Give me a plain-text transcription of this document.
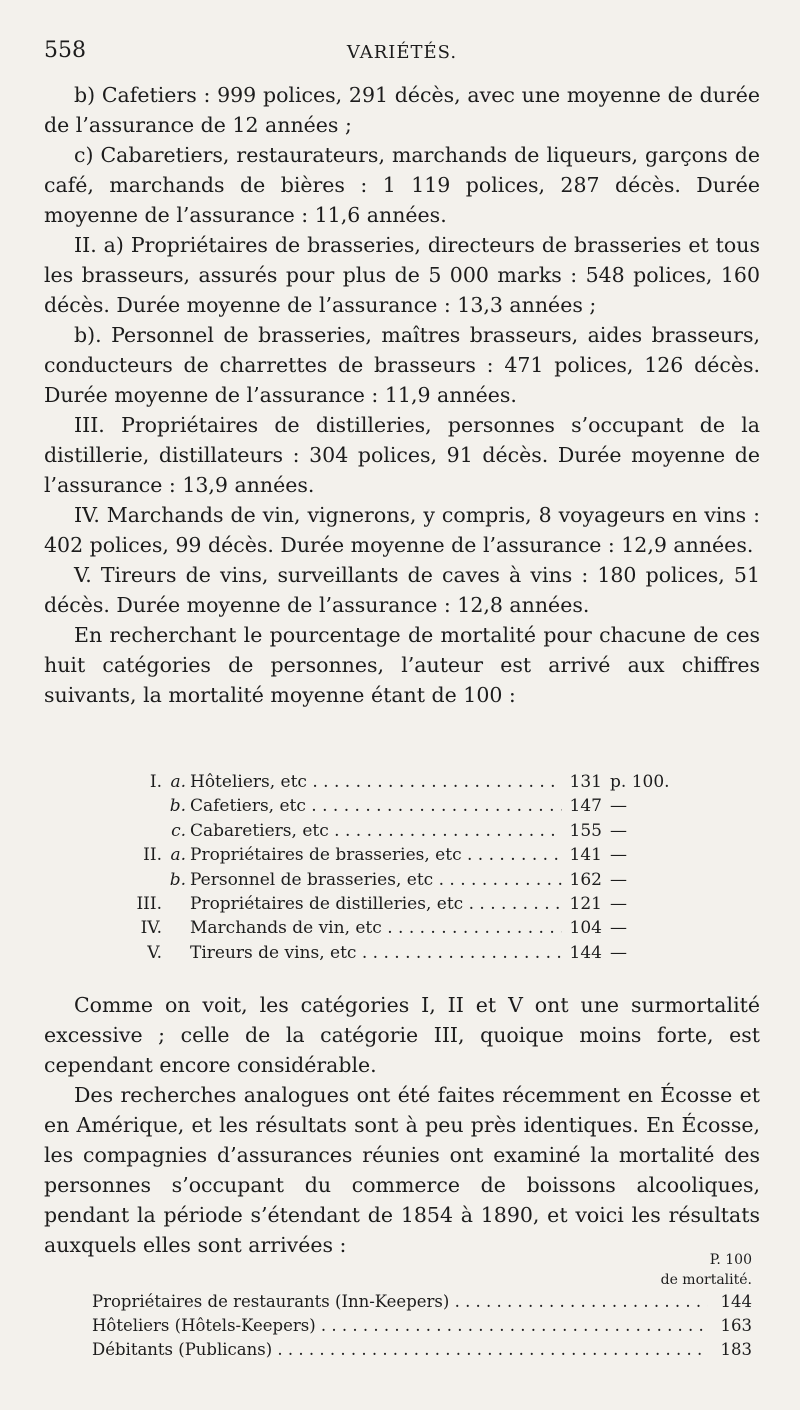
558	VARIÉTÉS.

b) Cafetiers : 999 polices, 291 décès, avec une moyenne de durée de l’assurance de 12 années ;

c) Cabaretiers, restaurateurs, marchands de liqueurs, garçons de café, marchands de bières : 1 119 polices, 287 décès. Durée moyenne de l’assurance : 11,6 années.

II. a) Propriétaires de brasseries, directeurs de brasseries et tous les brasseurs, assurés pour plus de 5 000 marks : 548 polices, 160 décès. Durée moyenne de l’assurance : 13,3 années ;

b). Personnel de brasseries, maîtres brasseurs, aides brasseurs, conducteurs de charrettes de brasseurs : 471 polices, 126 décès. Durée moyenne de l’assurance : 11,9 années.

III. Propriétaires de distilleries, personnes s’occupant de la distillerie, distillateurs : 304 polices, 91 décès. Durée moyenne de l’assurance : 13,9 années.

IV. Marchands de vin, vignerons, y compris, 8 voyageurs en vins : 402 polices, 99 décès. Durée moyenne de l’assurance : 12,9 années.

V. Tireurs de vins, surveillants de caves à vins : 180 polices, 51 décès. Durée moyenne de l’assurance : 12,8 années.

En recherchant le pourcentage de mortalité pour chacune de ces huit catégories de personnes, l’auteur est arrivé aux chiffres suivants, la mortalité moyenne étant de 100 :

I. a. Hôteliers, etc . . .	131 p. 100.
b. Cafetiers, etc . . .	147 —
c. Cabaretiers, etc . . .	155 —
II. a. Propriétaires de brasseries, etc . . .	141 —
b. Personnel de brasseries, etc . . .	162 —
III. Propriétaires de distilleries, etc . . .	121 —
IV. Marchands de vin, etc . . .	104 —
V. Tireurs de vins, etc . . .	144 —

Comme on voit, les catégories I, II et V ont une surmortalité excessive ; celle de la catégorie III, quoique moins forte, est cependant encore considérable.

Des recherches analogues ont été faites récemment en Écosse et en Amérique, et les résultats sont à peu près identiques. En Écosse, les compagnies d’assurances réunies ont examiné la mortalité des personnes s’occupant du commerce de boissons alcooliques, pendant la période s’étendant de 1854 à 1890, et voici les résultats auxquels elles sont arrivées :

P. 100
de mortalité.
Propriétaires de restaurants (Inn-Keepers) . . .	144
Hôteliers (Hôtels-Keepers) . . .	163
Débitants (Publicans) . . .	183
